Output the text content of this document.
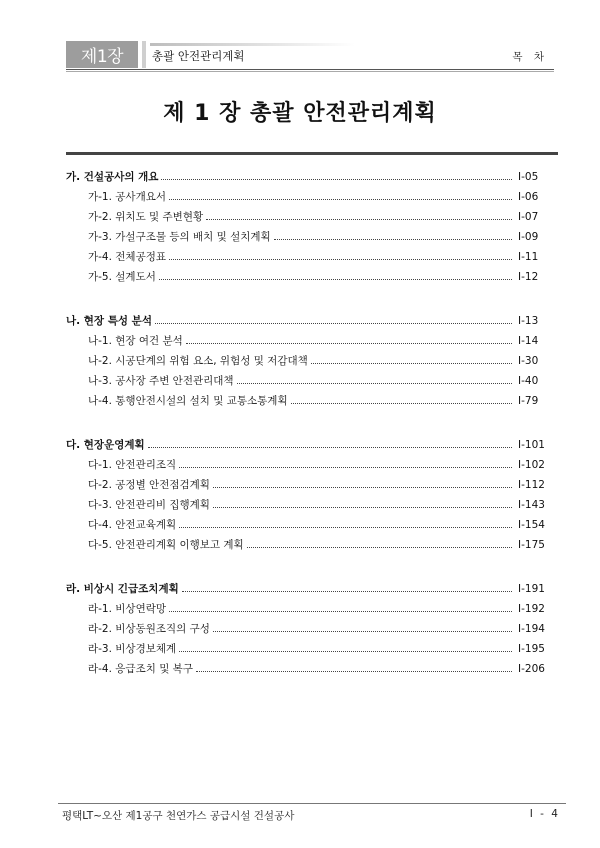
제1장	총괄 안전관리계획	목 차
제 1 장 총괄 안전관리계획
가. 건설공사의 개요	Ⅰ-05
가-1. 공사개요서	Ⅰ-06
가-2. 위치도 및 주변현황	Ⅰ-07
가-3. 가설구조물 등의 배치 및 설치계획	Ⅰ-09
가-4. 전체공정표	Ⅰ-11
가-5. 설계도서	Ⅰ-12
나. 현장 특성 분석	Ⅰ-13
나-1. 현장 여건 분석	Ⅰ-14
나-2. 시공단계의 위험 요소, 위험성 및 저감대책	Ⅰ-30
나-3. 공사장 주변 안전관리대책	Ⅰ-40
나-4. 통행안전시설의 설치 및 교통소통계획	Ⅰ-79
다. 현장운영계획	Ⅰ-101
다-1. 안전관리조직	Ⅰ-102
다-2. 공정별 안전점검계획	Ⅰ-112
다-3. 안전관리비 집행계획	Ⅰ-143
다-4. 안전교육계획	Ⅰ-154
다-5. 안전관리계획 이행보고 계획	Ⅰ-175
라. 비상시 긴급조치계획	Ⅰ-191
라-1. 비상연락망	Ⅰ-192
라-2. 비상동원조직의 구성	Ⅰ-194
라-3. 비상경보체계	Ⅰ-195
라-4. 응급조치 및 복구	Ⅰ-206
평택LT~오산 제1공구 천연가스 공급시설 건설공사	Ⅰ - 4
